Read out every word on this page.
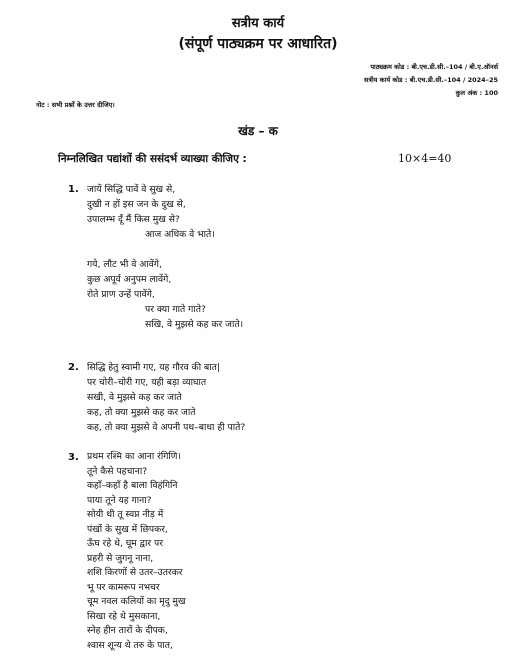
सत्रीय कार्य
(संपूर्ण पाठ्यक्रम पर आधारित)
पाठ्यक्रम कोड : बी.एच.डी.सी.–104 / बी.ए.ऑनर्स
सत्रीय कार्य कोड : बी.एच.डी.सी.–104 / 2024–25
कुल अंक : 100
नोट : सभी प्रश्नों के उत्तर दीजिए।
खंड – क
निम्नलिखित पद्यांशों की ससंदर्भ व्याख्या कीजिए :	10×4=40
1. जायें सिद्धि पावें वे सुख से,
दुखी न हों इस जन के दुख से,
उपालम्भ दूँ मैं किस मुख से?
आज अधिक वे भाते।
गये, लौट भी वे आवेंगे,
कुछ अपूर्व अनुपम लावेंगे,
रोते प्राण उन्हें पावेंगे,
पर क्या गाते गाते?
सखि, वे मुझसे कह कर जाते।
2. सिद्धि हेतु स्वामी गए, यह गौरव की बात|
पर चोरी–चोरी गए, यही बड़ा व्याघात
सखी, वे मुझसे कह कर जाते
कह, तो क्या मुझसे कह कर जाते
कह, तो क्या मुझसे वे अपनी पथ–बाधा ही पाते?
3. प्रथम रश्मि का आना रंगिणि।
तूने कैसे पहचाना?
कहाँ–कहाँ है बाला विहंगिनि
पाया तूने यह गाना?
सोयी थी तू स्वप्न नीड़ में
पंखों के सुख में छिपकर,
ऊँघ रहे थे, घूम द्वार पर
प्रहरी से जुगनू नाना,
शशि किरणों से उतर–उतरकर
भू पर कामरूप नभचर
चूम नवल कलियों का मृदु मुख
सिखा रहे थे मुसकाना,
स्नेह हीन तारों के दीपक,
श्वास शून्य थे तरु के पात,
